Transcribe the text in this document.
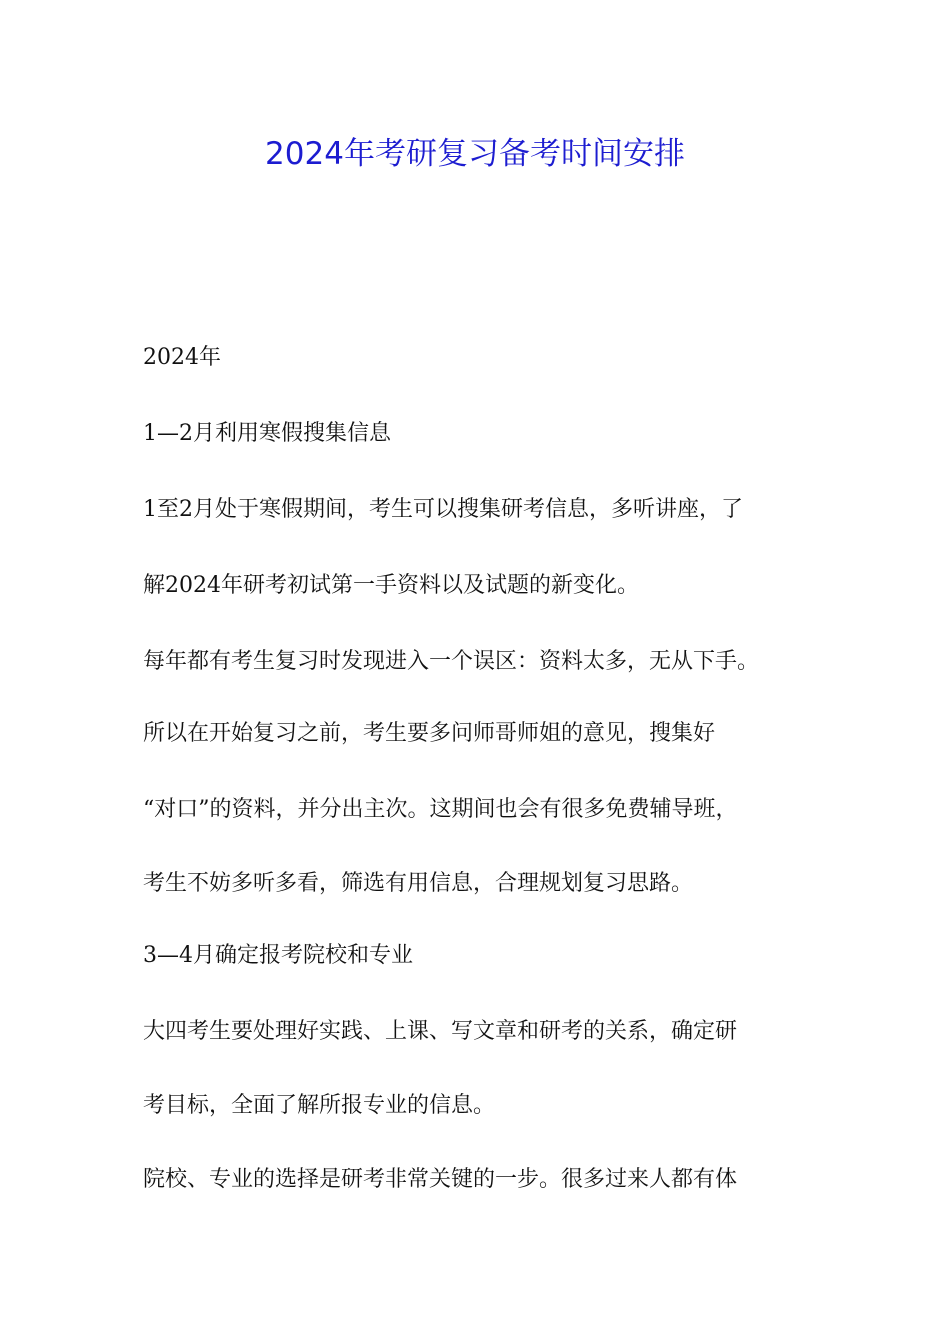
2024年考研复习备考时间安排
2024年
1—2月利用寒假搜集信息
1至2月处于寒假期间，考生可以搜集研考信息，多听讲座，了
解2024年研考初试第一手资料以及试题的新变化。
每年都有考生复习时发现进入一个误区：资料太多，无从下手。
所以在开始复习之前，考生要多问师哥师姐的意见，搜集好
“对口”的资料，并分出主次。这期间也会有很多免费辅导班，
考生不妨多听多看，筛选有用信息，合理规划复习思路。
3—4月确定报考院校和专业
大四考生要处理好实践、上课、写文章和研考的关系，确定研
考目标，全面了解所报专业的信息。
院校、专业的选择是研考非常关键的一步。很多过来人都有体
